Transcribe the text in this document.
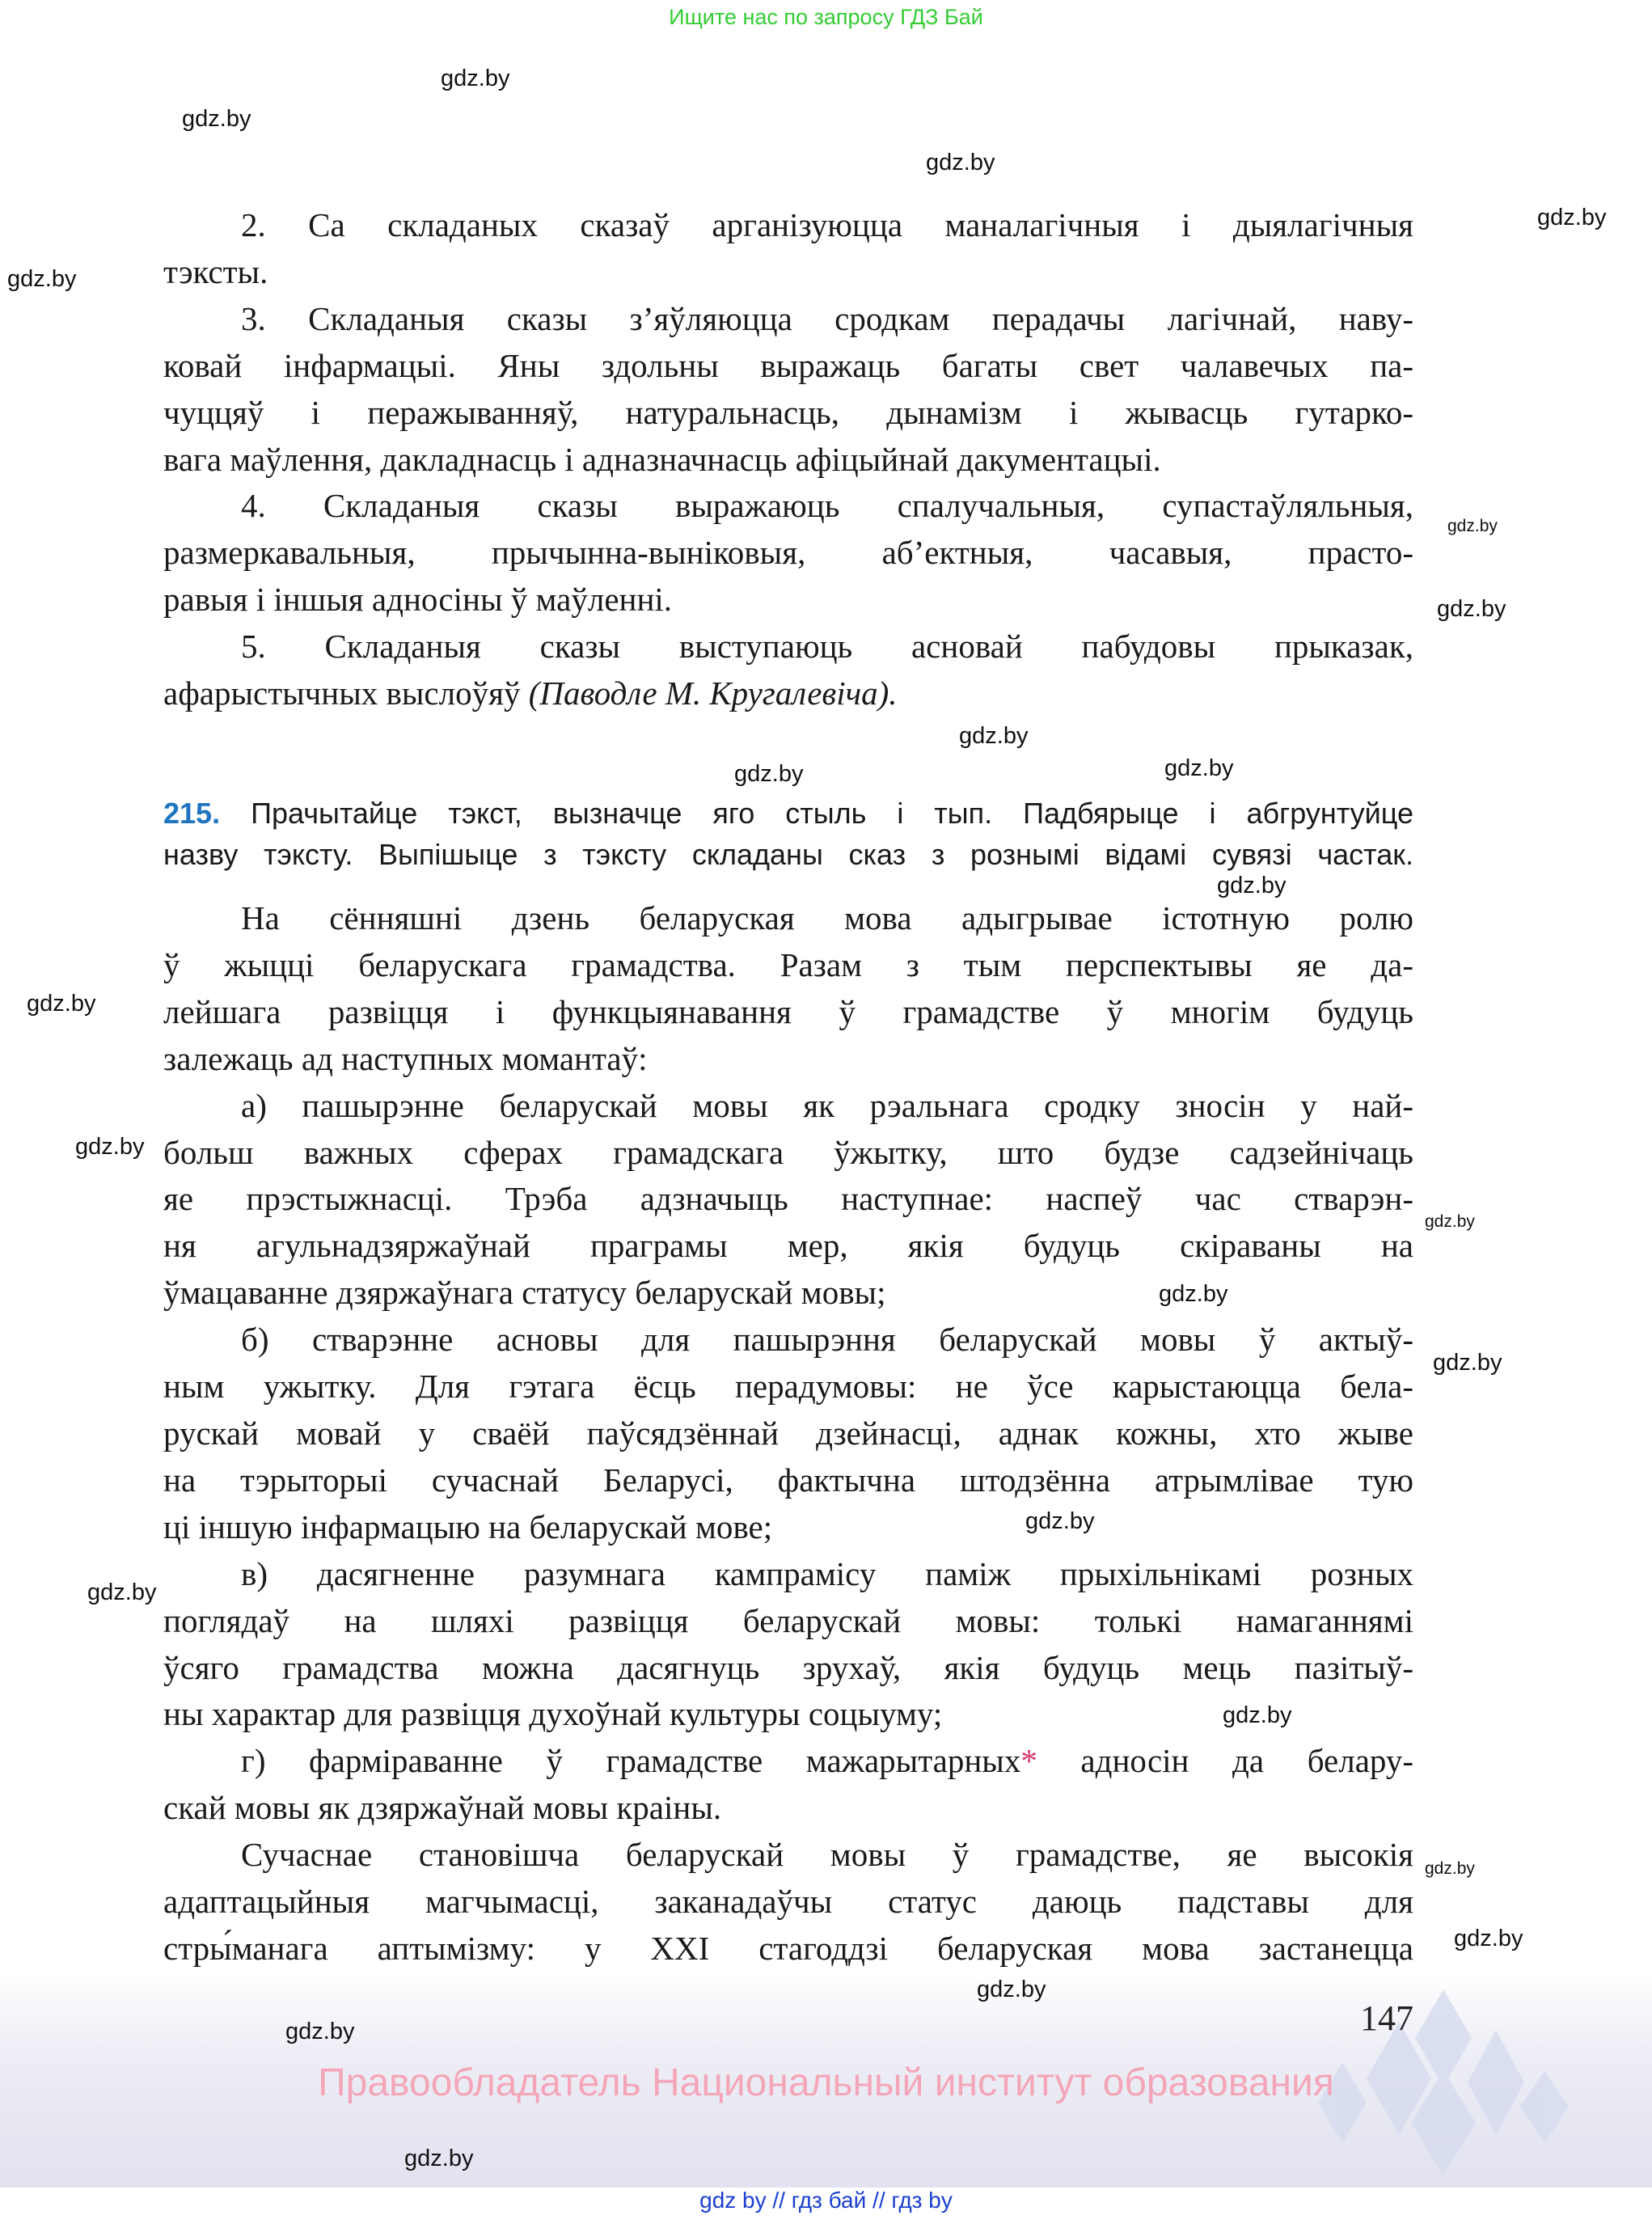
Ищите нас по запросу ГДЗ Бай
2. Са складаных сказаў арганізуюцца маналагічныя і дыялагічныя
тэксты.
3. Складаныя сказы з’яўляюцца сродкам перадачы лагічнай, наву-
ковай інфармацыі. Яны здольны выражаць багаты свет чалавечых па-
чуццяў і перажыванняў, натуральнасць, дынамізм і жывасць гутарко-
вага маўлення, дакладнасць і адназначнасць афіцыйнай дакументацыі.
4. Складаныя сказы выражаюць спалучальныя, супастаўляльныя,
размеркавальныя, прычынна-выніковыя, аб’ектныя, часавыя, прасто-
равыя і іншыя адносіны ў маўленні.
5. Складаныя сказы выступаюць асновай пабудовы прыказак,
афарыстычных выслоўяў (Паводле М. Кругалевіча).
215. Прачытайце тэкст, вызначце яго стыль і тып. Падбярыце і абгрунтуйце
назву тэксту. Выпішыце з тэксту складаны сказ з рознымі відамі сувязі частак.
На сённяшні дзень беларуская мова адыгрывае істотную ролю
ў жыцці беларускага грамадства. Разам з тым перспектывы яе да-
лейшага развіцця і функцыянавання ў грамадстве ў многім будуць
залежаць ад наступных момантаў:
а) пашырэнне беларускай мовы як рэальнага сродку зносін у най-
больш важных сферах грамадскага ўжытку, што будзе садзейнічаць
яе прэстыжнасці. Трэба адзначыць наступнае: наспеў час стварэн-
ня агульнадзяржаўнай праграмы мер, якія будуць скіраваны на
ўмацаванне дзяржаўнага статусу беларускай мовы;
б) стварэнне асновы для пашырэння беларускай мовы ў актыў-
ным ужытку. Для гэтага ёсць перадумовы: не ўсе карыстаюцца бела-
рускай мовай у сваёй паўсядзённай дзейнасці, аднак кожны, хто жыве
на тэрыторыі сучаснай Беларусі, фактычна штодзённа атрымлівае тую
ці іншую інфармацыю на беларускай мове;
в) дасягненне разумнага кампрамісу паміж прыхільнікамі розных
поглядаў на шляхі развіцця беларускай мовы: толькі намаганнямі
ўсяго грамадства можна дасягнуць зрухаў, якія будуць мець пазітыў-
ны характар для развіцця духоўнай культуры соцыуму;
г) фарміраванне ў грамадстве мажарытарных* адносін да белару-
скай мовы як дзяржаўнай мовы краіны.
Сучаснае становішча беларускай мовы ў грамадстве, яе высокія
адаптацыйныя магчымасці, заканадаўчы статус даюць падставы для
стры́манага аптымізму: у XXI стагоддзі беларуская мова застанецца
gdz.by
gdz.by
gdz.by
gdz.by
gdz.by
gdz.by
gdz.by
gdz.by
gdz.by
gdz.by
gdz.by
gdz.by
gdz.by
gdz.by
gdz.by
gdz.by
gdz.by
gdz.by
gdz.by
gdz.by
gdz.by
gdz.by
gdz.by
gdz.by
147
Правообладатель Национальный институт образования
gdz by // гдз бай // гдз by
